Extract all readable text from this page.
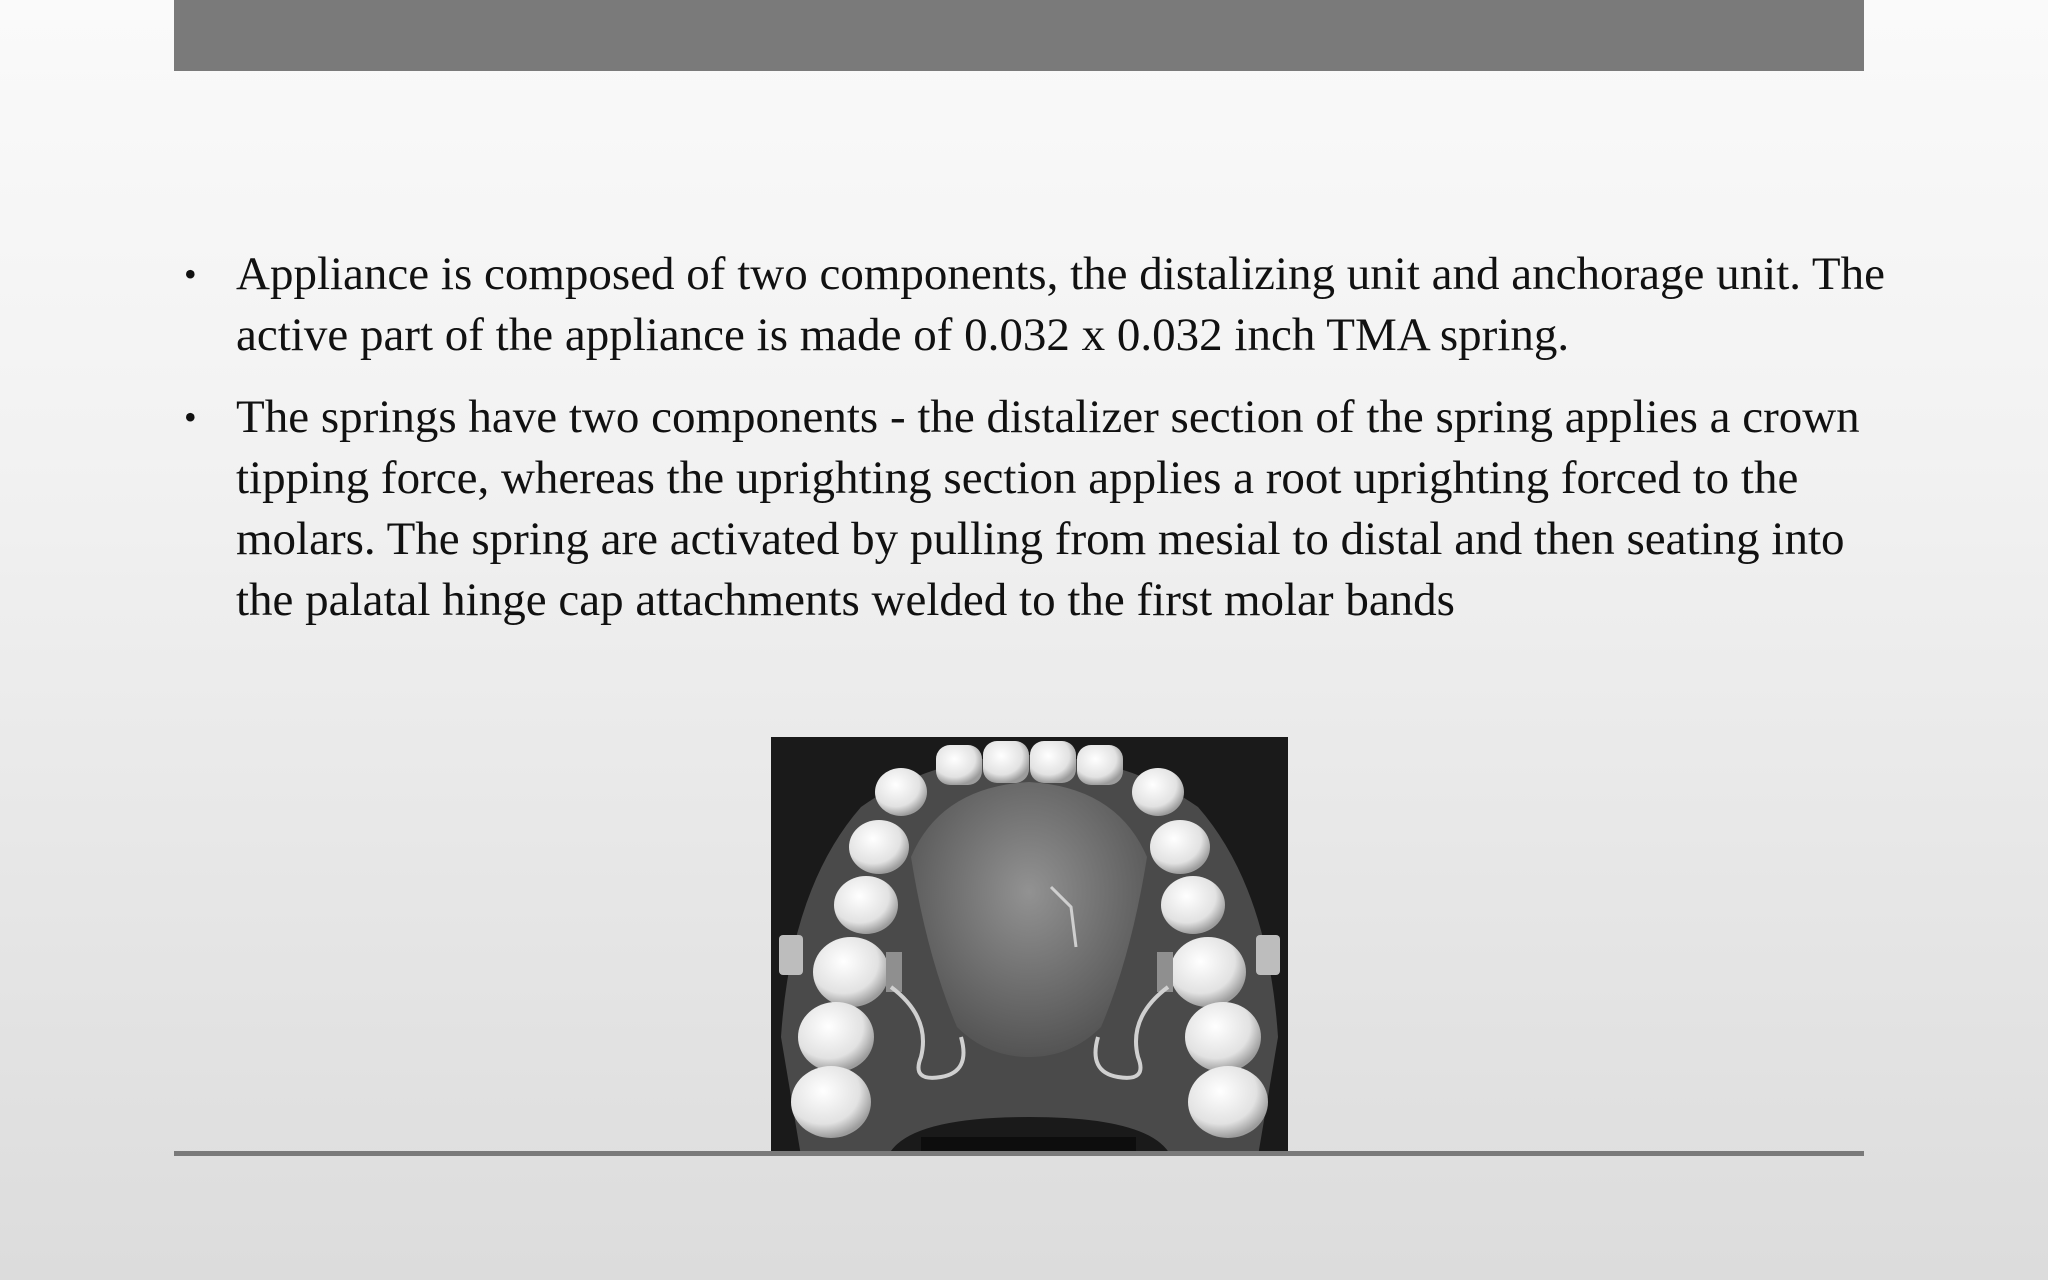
• Appliance is composed of two components, the distalizing unit and anchorage unit. The active part of the appliance is made of 0.032 x 0.032 inch TMA spring.
• The springs have two components - the distalizer section of the spring applies a crown tipping force, whereas the uprighting section applies a root uprighting forced to the molars. The spring are activated by pulling from mesial to distal and then seating into the palatal hinge cap attachments welded to the first molar bands
